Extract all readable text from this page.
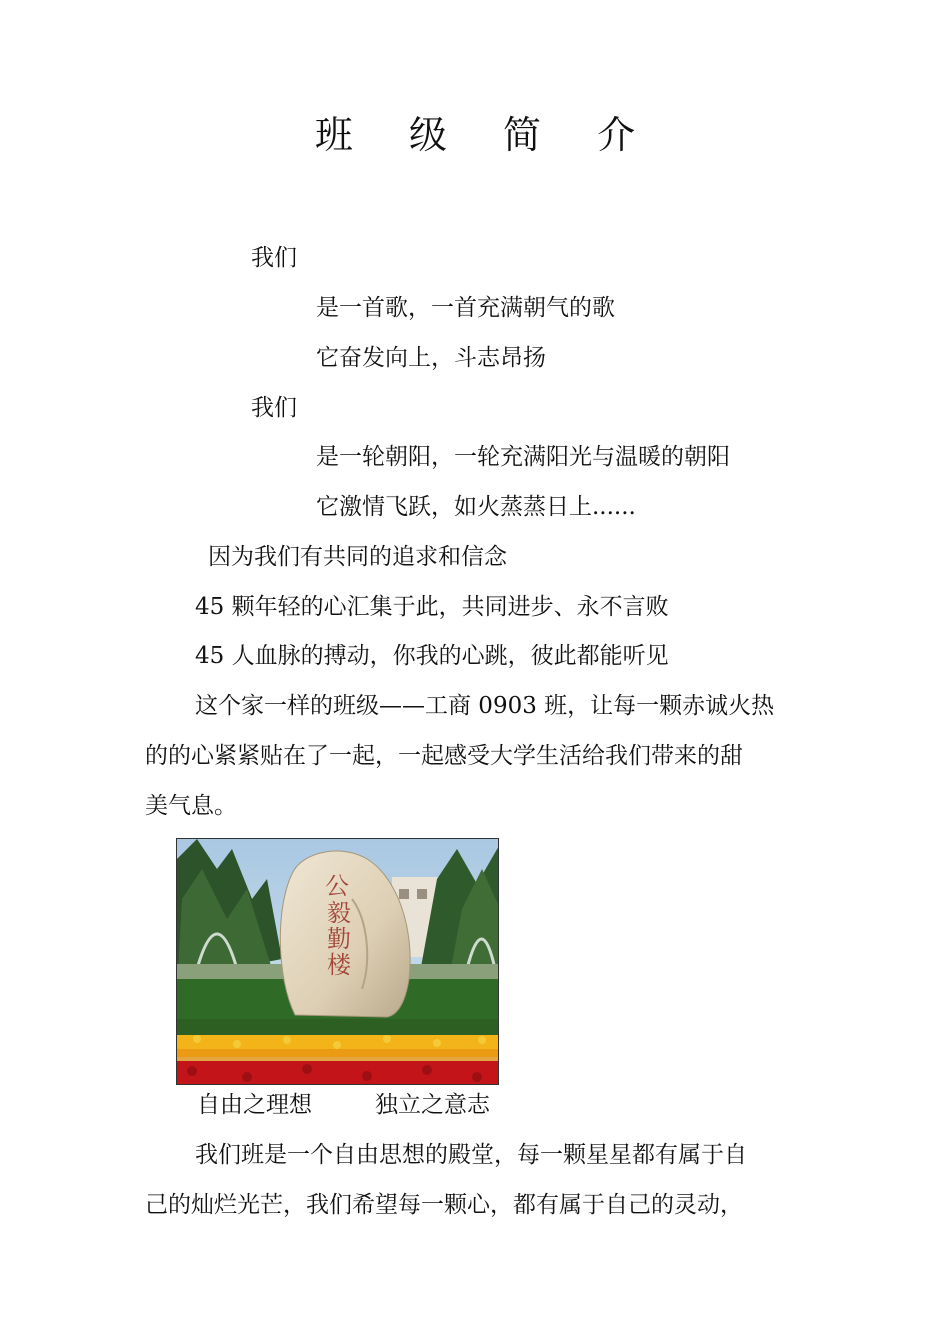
班 级 简 介
我们
是一首歌，一首充满朝气的歌
它奋发向上，斗志昂扬
我们
是一轮朝阳，一轮充满阳光与温暖的朝阳
它激情飞跃，如火蒸蒸日上......
因为我们有共同的追求和信念
45 颗年轻的心汇集于此，共同进步、永不言败
45 人血脉的搏动，你我的心跳，彼此都能听见
这个家一样的班级——工商 0903 班，让每一颗赤诚火热
的的心紧紧贴在了一起，一起感受大学生活给我们带来的甜
美气息。
公
毅
勤
楼
自由之理想	独立之意志
我们班是一个自由思想的殿堂，每一颗星星都有属于自
己的灿烂光芒，我们希望每一颗心，都有属于自己的灵动，
